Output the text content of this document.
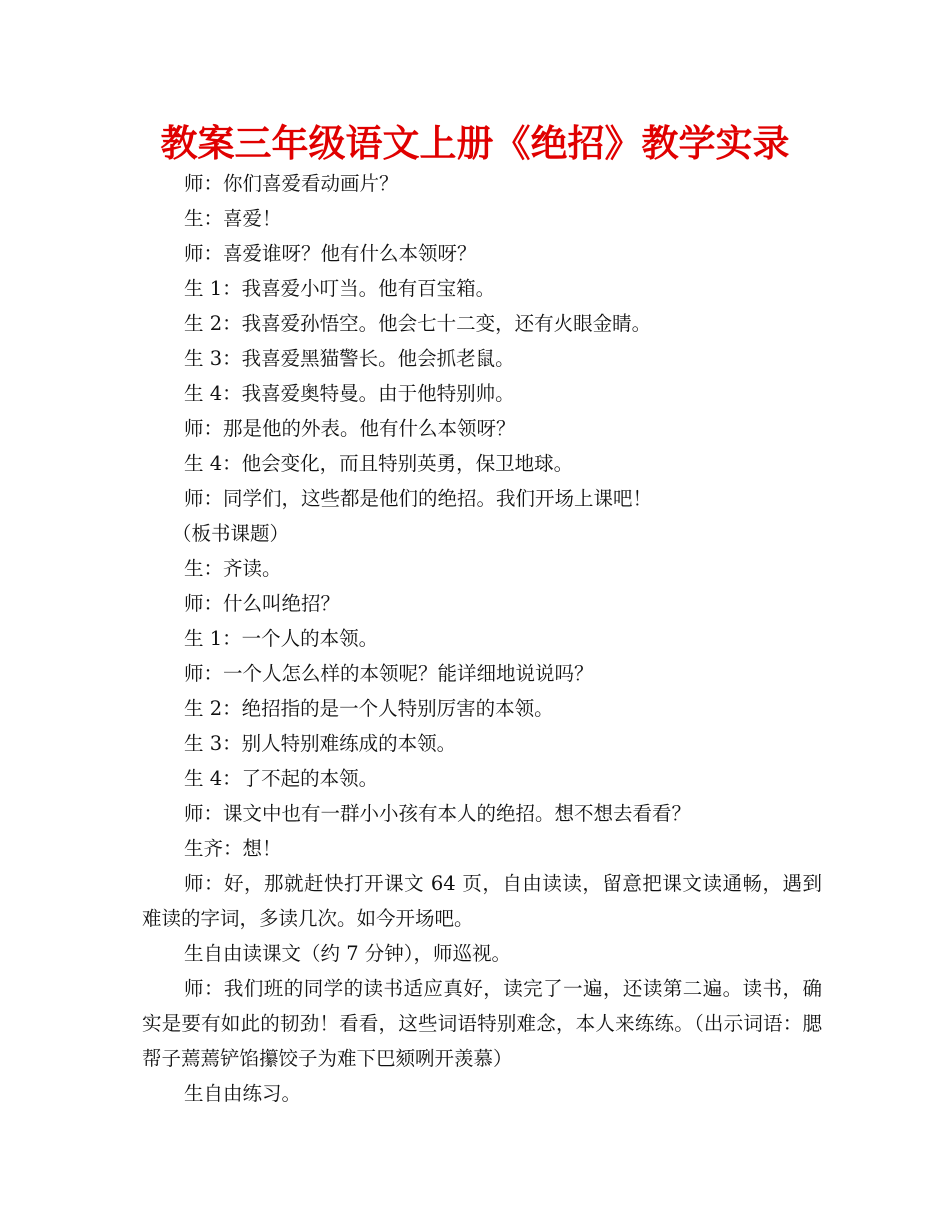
教案三年级语文上册《绝招》教学实录

师：你们喜爱看动画片？

生：喜爱！

师：喜爱谁呀？他有什么本领呀？

生 1：我喜爱小叮当。他有百宝箱。

生 2：我喜爱孙悟空。他会七十二变，还有火眼金睛。

生 3：我喜爱黑猫警长。他会抓老鼠。

生 4：我喜爱奥特曼。由于他特别帅。

师：那是他的外表。他有什么本领呀？

生 4：他会变化，而且特别英勇，保卫地球。

师：同学们，这些都是他们的绝招。我们开场上课吧！

（板书课题）

生：齐读。

师：什么叫绝招？

生 1：一个人的本领。

师：一个人怎么样的本领呢？能详细地说说吗？

生 2：绝招指的是一个人特别厉害的本领。

生 3：别人特别难练成的本领。

生 4：了不起的本领。

师：课文中也有一群小小孩有本人的绝招。想不想去看看？

生齐：想！

师：好，那就赶快打开课文 64 页，自由读读，留意把课文读通畅，遇到难读的字词，多读几次。如今开场吧。

生自由读课文（约 7 分钟），师巡视。

师：我们班的同学的读书适应真好，读完了一遍，还读第二遍。读书，确实是要有如此的韧劲！看看，这些词语特别难念，本人来练练。（出示词语：腮帮子蔫蔫铲馅攥饺子为难下巴颏咧开羡慕）

生自由练习。
